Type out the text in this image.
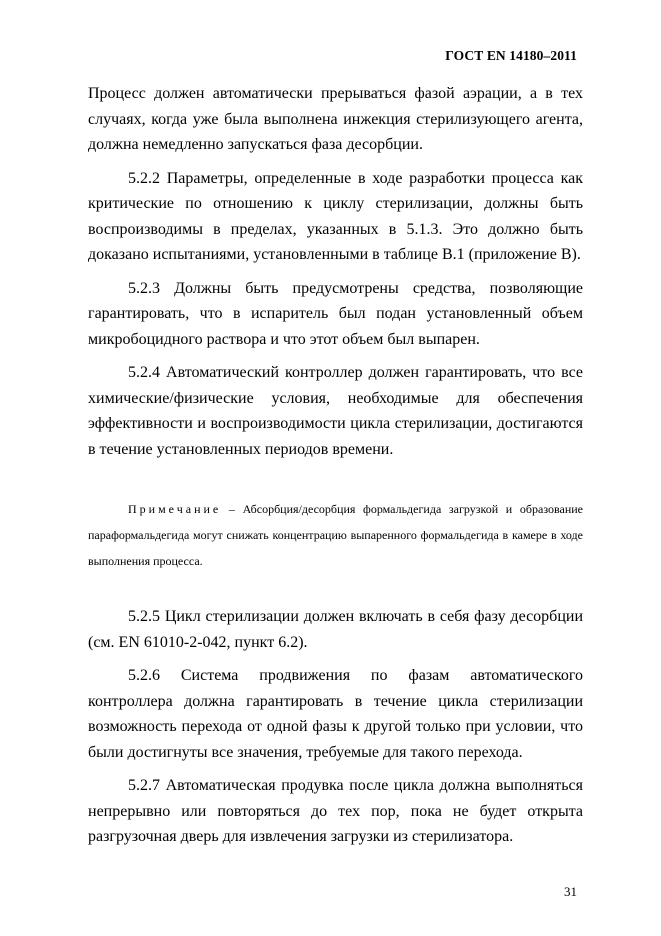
ГОСТ EN 14180–2011

Процесс должен автоматически прерываться фазой аэрации, а в тех случаях, когда уже была выполнена инжекция стерилизующего агента, должна немедленно запускаться фаза десорбции.

5.2.2 Параметры, определенные в ходе разработки процесса как критические по отношению к циклу стерилизации, должны быть воспроизводимы в пределах, указанных в 5.1.3. Это должно быть доказано испытаниями, установленными в таблице В.1 (приложение В).

5.2.3 Должны быть предусмотрены средства, позволяющие гарантировать, что в испаритель был подан установленный объем микробоцидного раствора и что этот объем был выпарен.

5.2.4 Автоматический контроллер должен гарантировать, что все химические/физические условия, необходимые для обеспечения эффективности и воспроизводимости цикла стерилизации, достигаются в течение установленных периодов времени.

Примечание – Абсорбция/десорбция формальдегида загрузкой и образование параформальдегида могут снижать концентрацию выпаренного формальдегида в камере в ходе выполнения процесса.

5.2.5 Цикл стерилизации должен включать в себя фазу десорбции (см. EN 61010-2-042, пункт 6.2).

5.2.6 Система продвижения по фазам автоматического контроллера должна гарантировать в течение цикла стерилизации возможность перехода от одной фазы к другой только при условии, что были достигнуты все значения, требуемые для такого перехода.

5.2.7 Автоматическая продувка после цикла должна выполняться непрерывно или повторяться до тех пор, пока не будет открыта разгрузочная дверь для извлечения загрузки из стерилизатора.

31
